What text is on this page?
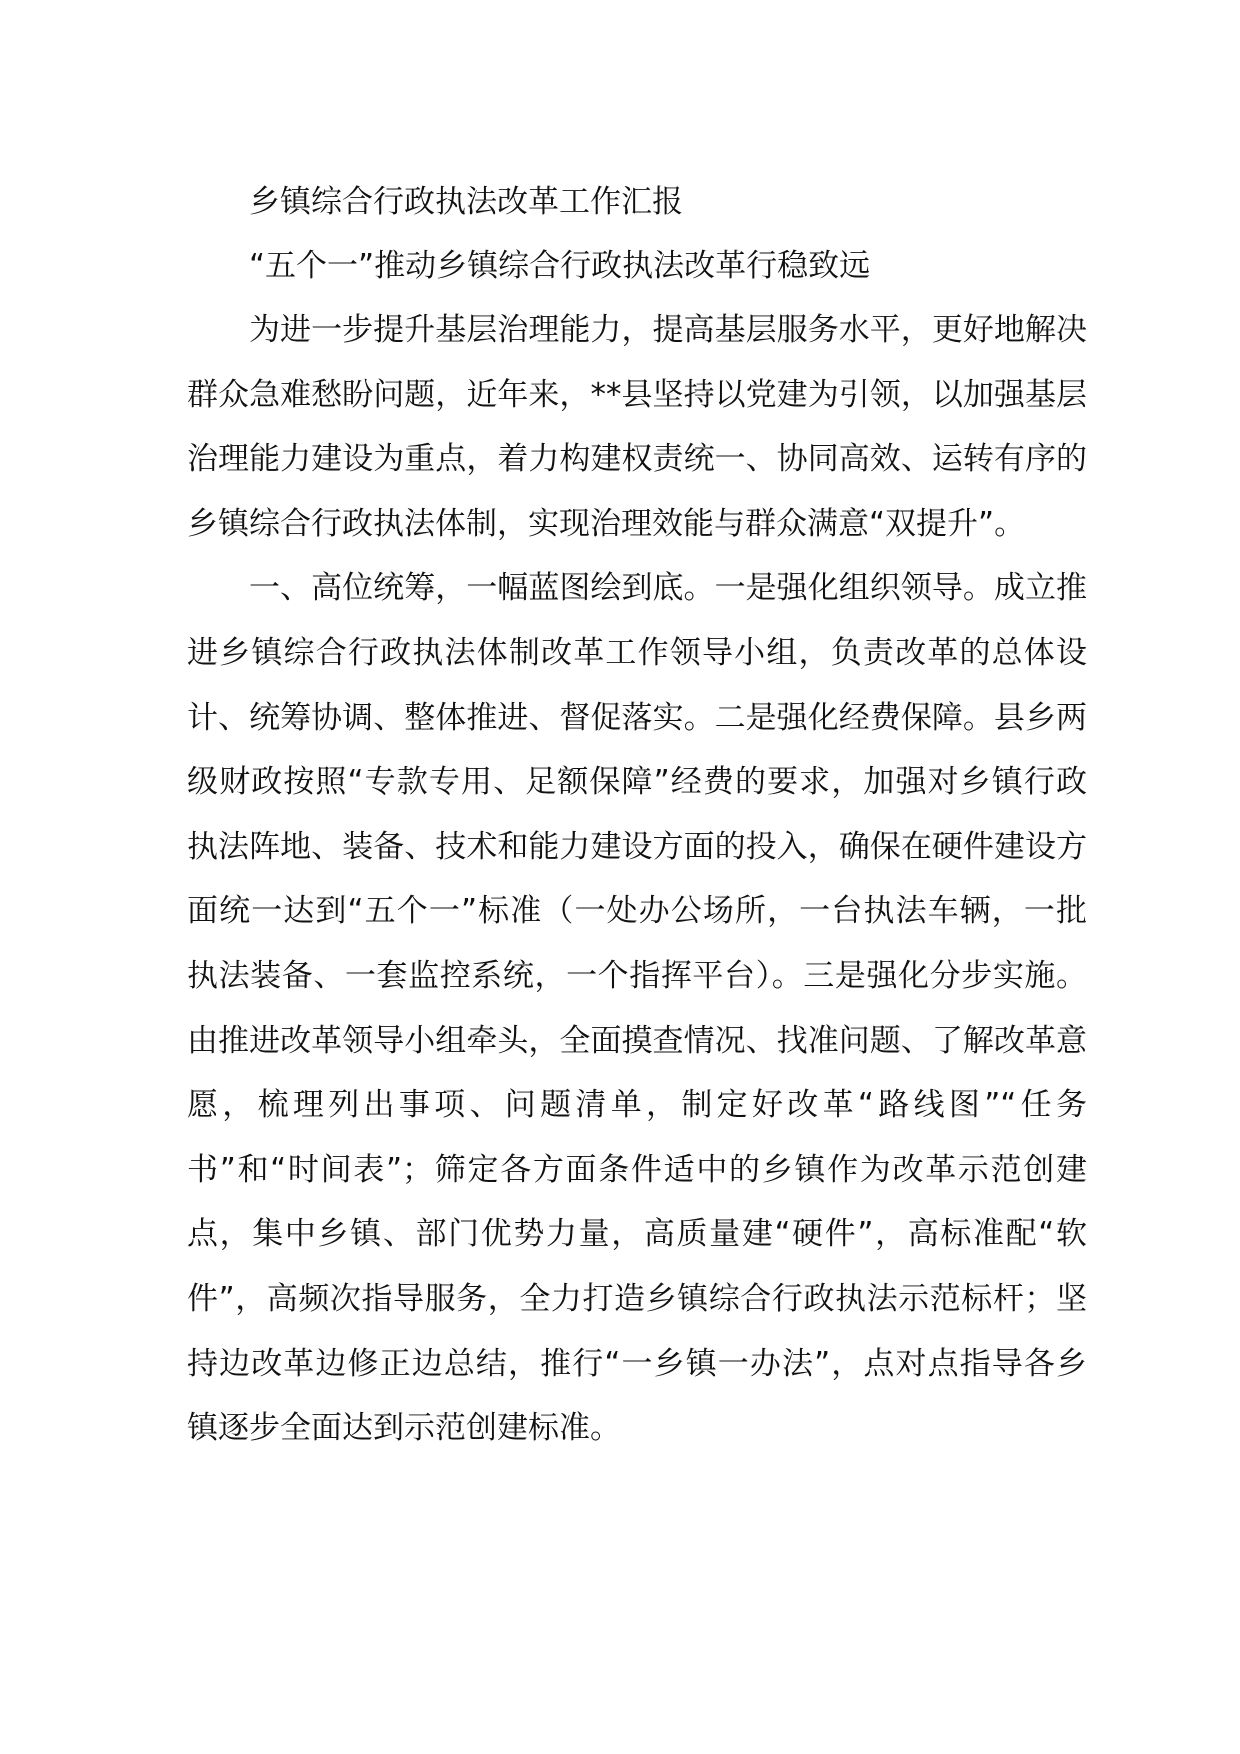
乡镇综合行政执法改革工作汇报
“五个一”推动乡镇综合行政执法改革行稳致远

为进一步提升基层治理能力，提高基层服务水平，更好地解决群众急难愁盼问题，近年来，**县坚持以党建为引领，以加强基层治理能力建设为重点，着力构建权责统一、协同高效、运转有序的乡镇综合行政执法体制，实现治理效能与群众满意“双提升”。

一、高位统筹，一幅蓝图绘到底。一是强化组织领导。成立推进乡镇综合行政执法体制改革工作领导小组，负责改革的总体设计、统筹协调、整体推进、督促落实。二是强化经费保障。县乡两级财政按照“专款专用、足额保障”经费的要求，加强对乡镇行政执法阵地、装备、技术和能力建设方面的投入，确保在硬件建设方面统一达到“五个一”标准（一处办公场所，一台执法车辆，一批执法装备、一套监控系统，一个指挥平台）。三是强化分步实施。由推进改革领导小组牵头，全面摸查情况、找准问题、了解改革意愿，梳理列出事项、问题清单，制定好改革“路线图”“任务书”和“时间表”；筛定各方面条件适中的乡镇作为改革示范创建点，集中乡镇、部门优势力量，高质量建“硬件”，高标准配“软件”，高频次指导服务，全力打造乡镇综合行政执法示范标杆；坚持边改革边修正边总结，推行“一乡镇一办法”，点对点指导各乡镇逐步全面达到示范创建标准。
